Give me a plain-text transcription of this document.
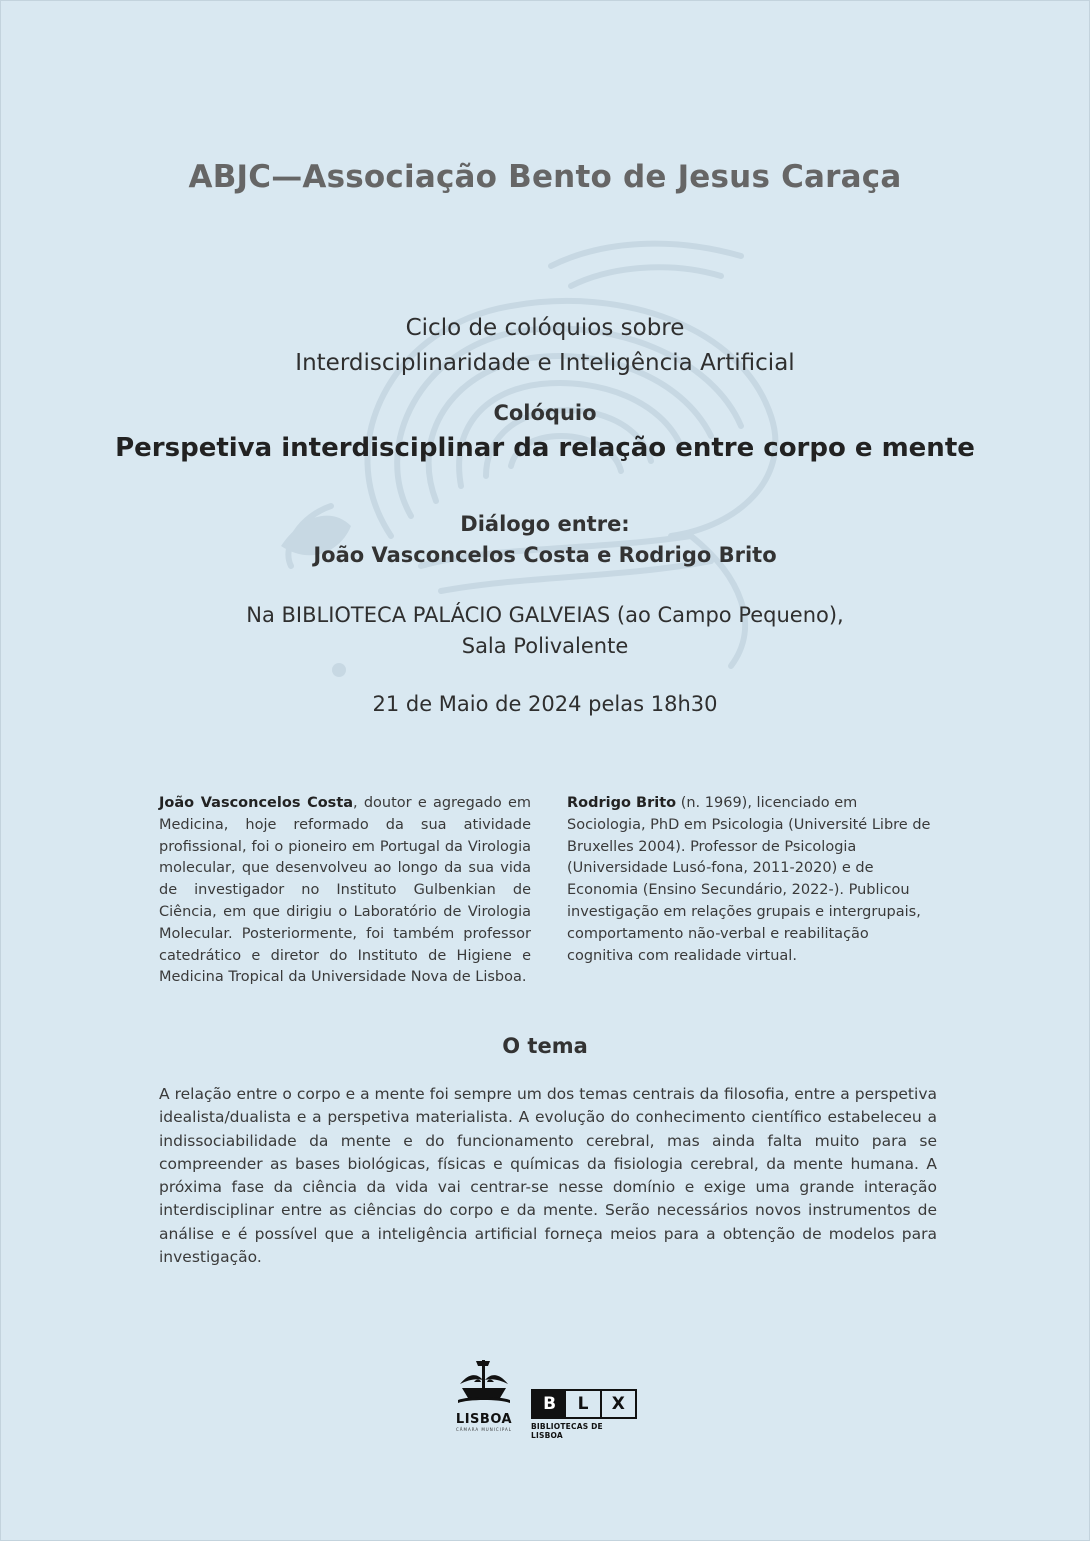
ABJC—Associação Bento de Jesus Caraça
Ciclo de colóquios sobre
Interdisciplinaridade e Inteligência Artificial
Colóquio
Perspetiva interdisciplinar da relação entre corpo e mente
Diálogo entre:
João Vasconcelos Costa e Rodrigo Brito
Na BIBLIOTECA PALÁCIO GALVEIAS (ao Campo Pequeno),
Sala Polivalente
21 de Maio de 2024 pelas 18h30
João Vasconcelos Costa, doutor e agregado em Medicina, hoje reformado da sua atividade profissional, foi o pioneiro em Portugal da Virologia molecular, que desenvolveu ao longo da sua vida de investigador no Instituto Gulbenkian de Ciência, em que dirigiu o Laboratório de Virologia Molecular. Posteriormente, foi também professor catedrático e diretor do Instituto de Higiene e Medicina Tropical da Universidade Nova de Lisboa.
Rodrigo Brito (n. 1969), licenciado em Sociologia, PhD em Psicologia (Université Libre de Bruxelles 2004). Professor de Psicologia (Universidade Lusó-fona, 2011-2020) e de Economia (Ensino Secundário, 2022-). Publicou investigação em relações grupais e intergrupais, comportamento não-verbal e reabilitação cognitiva com realidade virtual.
O tema
A relação entre o corpo e a mente foi sempre um dos temas centrais da filosofia, entre a perspetiva idealista/dualista e a perspetiva materialista. A evolução do conhecimento científico estabeleceu a indissociabilidade da mente e do funcionamento cerebral, mas ainda falta muito para se compreender as bases biológicas, físicas e químicas da fisiologia cerebral, da mente humana. A próxima fase da ciência da vida vai centrar-se nesse domínio e exige uma grande interação interdisciplinar entre as ciências do corpo e da mente. Serão necessários novos instrumentos de análise e é possível que a inteligência artificial forneça meios para a obtenção de modelos para investigação.
LISBOA
CÂMARA MUNICIPAL
B	L	X
BIBLIOTECAS DE LISBOA
